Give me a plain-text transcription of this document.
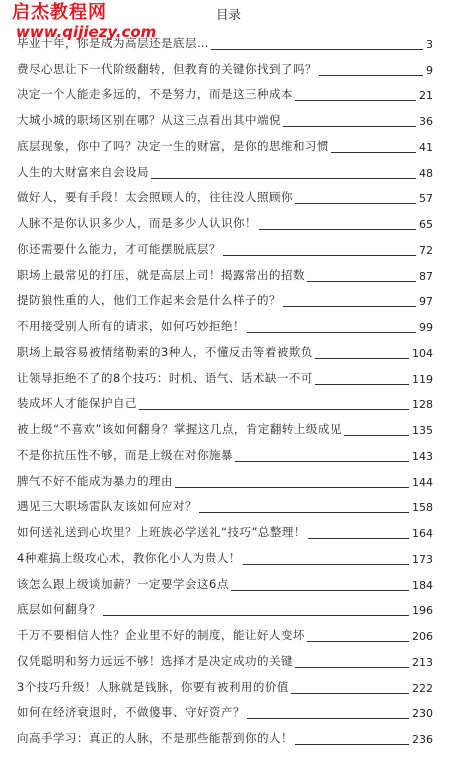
启杰教程网
www.qijiezy.com
目录
毕业十年，你是成为高层还是底层…	3
费尽心思让下一代阶级翻转，但教育的关键你找到了吗？	9
决定一个人能走多远的，不是努力，而是这三种成本	21
大城小城的职场区别在哪？从这三点看出其中端倪	36
底层现象，你中了吗？决定一生的财富，是你的思维和习惯	41
人生的大财富来自会设局	48
做好人，要有手段！太会照顾人的，往往没人照顾你	57
人脉不是你认识多少人，而是多少人认识你！	65
你还需要什么能力，才可能摆脱底层？	72
职场上最常见的打压，就是高层上司！揭露常出的招数	87
提防狼性重的人，他们工作起来会是什么样子的？	97
不用接受别人所有的请求，如何巧妙拒绝！	99
职场上最容易被情绪勒索的3种人，不懂反击等着被欺负	104
让领导拒绝不了的8个技巧：时机、语气、话术缺一不可	119
装成坏人才能保护自己	128
被上级“不喜欢”该如何翻身？掌握这几点，肯定翻转上级成见	135
不是你抗压性不够，而是上级在对你施暴	143
脾气不好不能成为暴力的理由	144
遇见三大职场雷队友该如何应对？	158
如何送礼送到心坎里？上班族必学送礼“技巧”总整理！	164
4种难搞上级攻心术，教你化小人为贵人！	173
该怎么跟上级谈加薪？一定要学会这6点	184
底层如何翻身？	196
千万不要相信人性？企业里不好的制度，能让好人变坏	206
仅凭聪明和努力远远不够！选择才是决定成功的关键	213
3个技巧升级！人脉就是钱脉，你要有被利用的价值	222
如何在经济衰退时，不做傻事、守好资产？	230
向高手学习：真正的人脉，不是那些能帮到你的人！	236
